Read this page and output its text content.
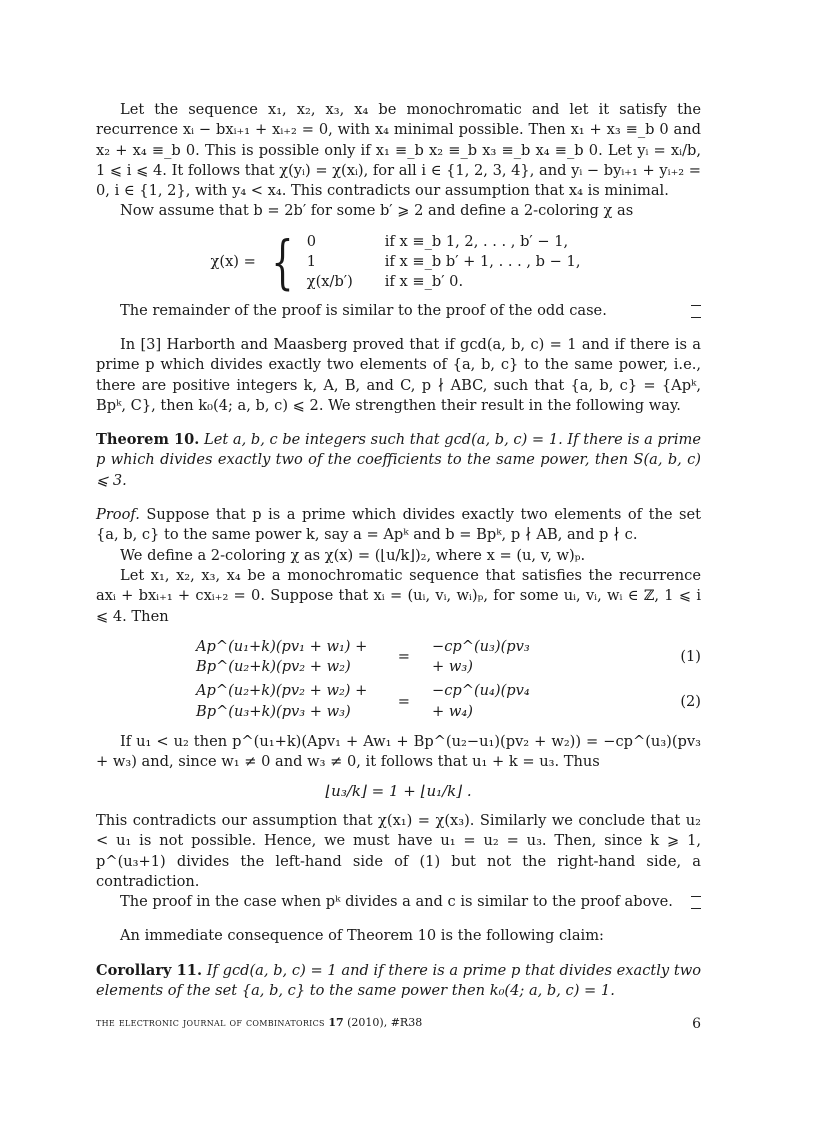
Let the sequence x₁, x₂, x₃, x₄ be monochromatic and let it satisfy the recurrence xᵢ − bxᵢ₊₁ + xᵢ₊₂ = 0, with x₄ minimal possible. Then x₁ + x₃ ≡_b 0 and x₂ + x₄ ≡_b 0. This is possible only if x₁ ≡_b x₂ ≡_b x₃ ≡_b x₄ ≡_b 0. Let yᵢ = xᵢ/b, 1 ⩽ i ⩽ 4. It follows that χ(yᵢ) = χ(xᵢ), for all i ∈ {1, 2, 3, 4}, and yᵢ − byᵢ₊₁ + yᵢ₊₂ = 0, i ∈ {1, 2}, with y₄ < x₄. This contradicts our assumption that x₄ is minimal.

Now assume that b = 2b′ for some b′ ⩾ 2 and define a 2-coloring χ as

χ(x) = { 0	if x ≡_b 1, 2, . . . , b′ − 1,
1	if x ≡_b b′ + 1, . . . , b − 1,
χ(x/b′)	if x ≡_b′ 0.

The remainder of the proof is similar to the proof of the odd case.

In [3] Harborth and Maasberg proved that if gcd(a, b, c) = 1 and if there is a prime p which divides exactly two elements of {a, b, c} to the same power, i.e., there are positive integers k, A, B, and C, p ∤ ABC, such that {a, b, c} = {Apᵏ, Bpᵏ, C}, then k₀(4; a, b, c) ⩽ 2. We strengthen their result in the following way.

Theorem 10. Let a, b, c be integers such that gcd(a, b, c) = 1. If there is a prime p which divides exactly two of the coefficients to the same power, then S(a, b, c) ⩽ 3.

Proof. Suppose that p is a prime which divides exactly two elements of the set {a, b, c} to the same power k, say a = Apᵏ and b = Bpᵏ, p ∤ AB, and p ∤ c.

We define a 2-coloring χ as χ(x) = (⌊u/k⌋)₂, where x = (u, v, w)ₚ.

Let x₁, x₂, x₃, x₄ be a monochromatic sequence that satisfies the recurrence axᵢ + bxᵢ₊₁ + cxᵢ₊₂ = 0. Suppose that xᵢ = (uᵢ, vᵢ, wᵢ)ₚ, for some uᵢ, vᵢ, wᵢ ∈ ℤ, 1 ⩽ i ⩽ 4. Then

Ap^(u₁+k)(pv₁ + w₁) + Bp^(u₂+k)(pv₂ + w₂)	=	−cp^(u₃)(pv₃ + w₃)	(1)
Ap^(u₂+k)(pv₂ + w₂) + Bp^(u₃+k)(pv₃ + w₃)	=	−cp^(u₄)(pv₄ + w₄)	(2)

If u₁ < u₂ then p^(u₁+k)(Apv₁ + Aw₁ + Bp^(u₂−u₁)(pv₂ + w₂)) = −cp^(u₃)(pv₃ + w₃) and, since w₁ ≠ 0 and w₃ ≠ 0, it follows that u₁ + k = u₃. Thus

⌊u₃/k⌋ = 1 + ⌊u₁/k⌋ .

This contradicts our assumption that χ(x₁) = χ(x₃). Similarly we conclude that u₂ < u₁ is not possible. Hence, we must have u₁ = u₂ = u₃. Then, since k ⩾ 1, p^(u₃+1) divides the left-hand side of (1) but not the right-hand side, a contradiction.

The proof in the case when pᵏ divides a and c is similar to the proof above.

An immediate consequence of Theorem 10 is the following claim:

Corollary 11. If gcd(a, b, c) = 1 and if there is a prime p that divides exactly two elements of the set {a, b, c} to the same power then k₀(4; a, b, c) = 1.

the electronic journal of combinatorics 17 (2010), #R38	6
